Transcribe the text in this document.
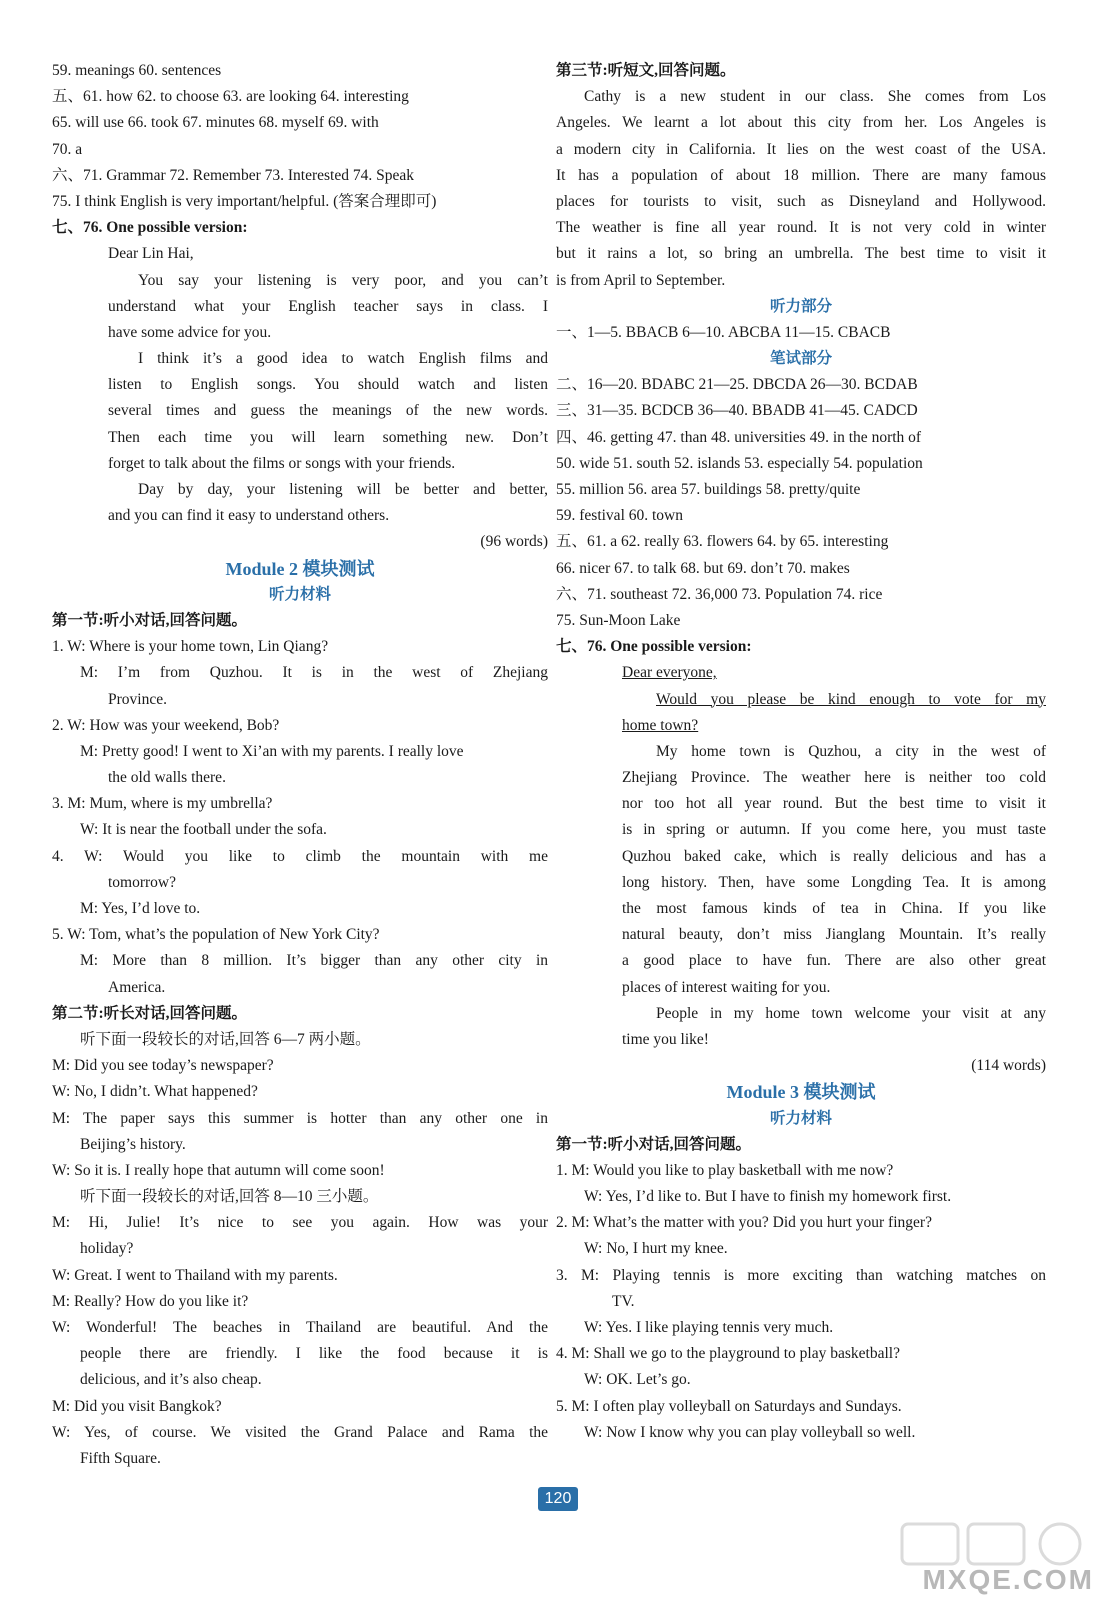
59. meanings 60. sentences
五、61. how 62. to choose 63. are looking 64. interesting
65. will use 66. took 67. minutes 68. myself 69. with
70. a
六、71. Grammar 72. Remember 73. Interested 74. Speak
75. I think English is very important/helpful. (答案合理即可)
七、76. One possible version:
Dear Lin Hai,
You say your listening is very poor, and you can’t
understand what your English teacher says in class. I
have some advice for you.
I think it’s a good idea to watch English films and
listen to English songs. You should watch and listen
several times and guess the meanings of the new words.
Then each time you will learn something new. Don’t
forget to talk about the films or songs with your friends.
Day by day, your listening will be better and better,
and you can find it easy to understand others.
(96 words)
Module 2 模块测试
听力材料
第一节:听小对话,回答问题。
1. W: Where is your home town, Lin Qiang?
M: I’m from Quzhou. It is in the west of Zhejiang
Province.
2. W: How was your weekend, Bob?
M: Pretty good! I went to Xi’an with my parents. I really love
the old walls there.
3. M: Mum, where is my umbrella?
W: It is near the football under the sofa.
4. W: Would you like to climb the mountain with me
tomorrow?
M: Yes, I’d love to.
5. W: Tom, what’s the population of New York City?
M: More than 8 million. It’s bigger than any other city in
America.
第二节:听长对话,回答问题。
听下面一段较长的对话,回答 6—7 两小题。
M: Did you see today’s newspaper?
W: No, I didn’t. What happened?
M: The paper says this summer is hotter than any other one in
Beijing’s history.
W: So it is. I really hope that autumn will come soon!
听下面一段较长的对话,回答 8—10 三小题。
M: Hi, Julie! It’s nice to see you again. How was your
holiday?
W: Great. I went to Thailand with my parents.
M: Really? How do you like it?
W: Wonderful! The beaches in Thailand are beautiful. And the
people there are friendly. I like the food because it is
delicious, and it’s also cheap.
M: Did you visit Bangkok?
W: Yes, of course. We visited the Grand Palace and Rama the
Fifth Square.
第三节:听短文,回答问题。
Cathy is a new student in our class. She comes from Los
Angeles. We learnt a lot about this city from her. Los Angeles is
a modern city in California. It lies on the west coast of the USA.
It has a population of about 18 million. There are many famous
places for tourists to visit, such as Disneyland and Hollywood.
The weather is fine all year round. It is not very cold in winter
but it rains a lot, so bring an umbrella. The best time to visit it
is from April to September.
听力部分
一、1—5. BBACB 6—10. ABCBA 11—15. CBACB
笔试部分
二、16—20. BDABC 21—25. DBCDA 26—30. BCDAB
三、31—35. BCDCB 36—40. BBADB 41—45. CADCD
四、46. getting 47. than 48. universities 49. in the north of
50. wide 51. south 52. islands 53. especially 54. population
55. million 56. area 57. buildings 58. pretty/quite
59. festival 60. town
五、61. a 62. really 63. flowers 64. by 65. interesting
66. nicer 67. to talk 68. but 69. don’t 70. makes
六、71. southeast 72. 36,000 73. Population 74. rice
75. Sun-Moon Lake
七、76. One possible version:
Dear everyone,
Would you please be kind enough to vote for my
home town?
My home town is Quzhou, a city in the west of
Zhejiang Province. The weather here is neither too cold
nor too hot all year round. But the best time to visit it
is in spring or autumn. If you come here, you must taste
Quzhou baked cake, which is really delicious and has a
long history. Then, have some Longding Tea. It is among
the most famous kinds of tea in China. If you like
natural beauty, don’t miss Jianglang Mountain. It’s really
a good place to have fun. There are also other great
places of interest waiting for you.
People in my home town welcome your visit at any
time you like!
(114 words)
Module 3 模块测试
听力材料
第一节:听小对话,回答问题。
1. M: Would you like to play basketball with me now?
W: Yes, I’d like to. But I have to finish my homework first.
2. M: What’s the matter with you? Did you hurt your finger?
W: No, I hurt my knee.
3. M: Playing tennis is more exciting than watching matches on
TV.
W: Yes. I like playing tennis very much.
4. M: Shall we go to the playground to play basketball?
W: OK. Let’s go.
5. M: I often play volleyball on Saturdays and Sundays.
W: Now I know why you can play volleyball so well.
120
MXQE.COM
